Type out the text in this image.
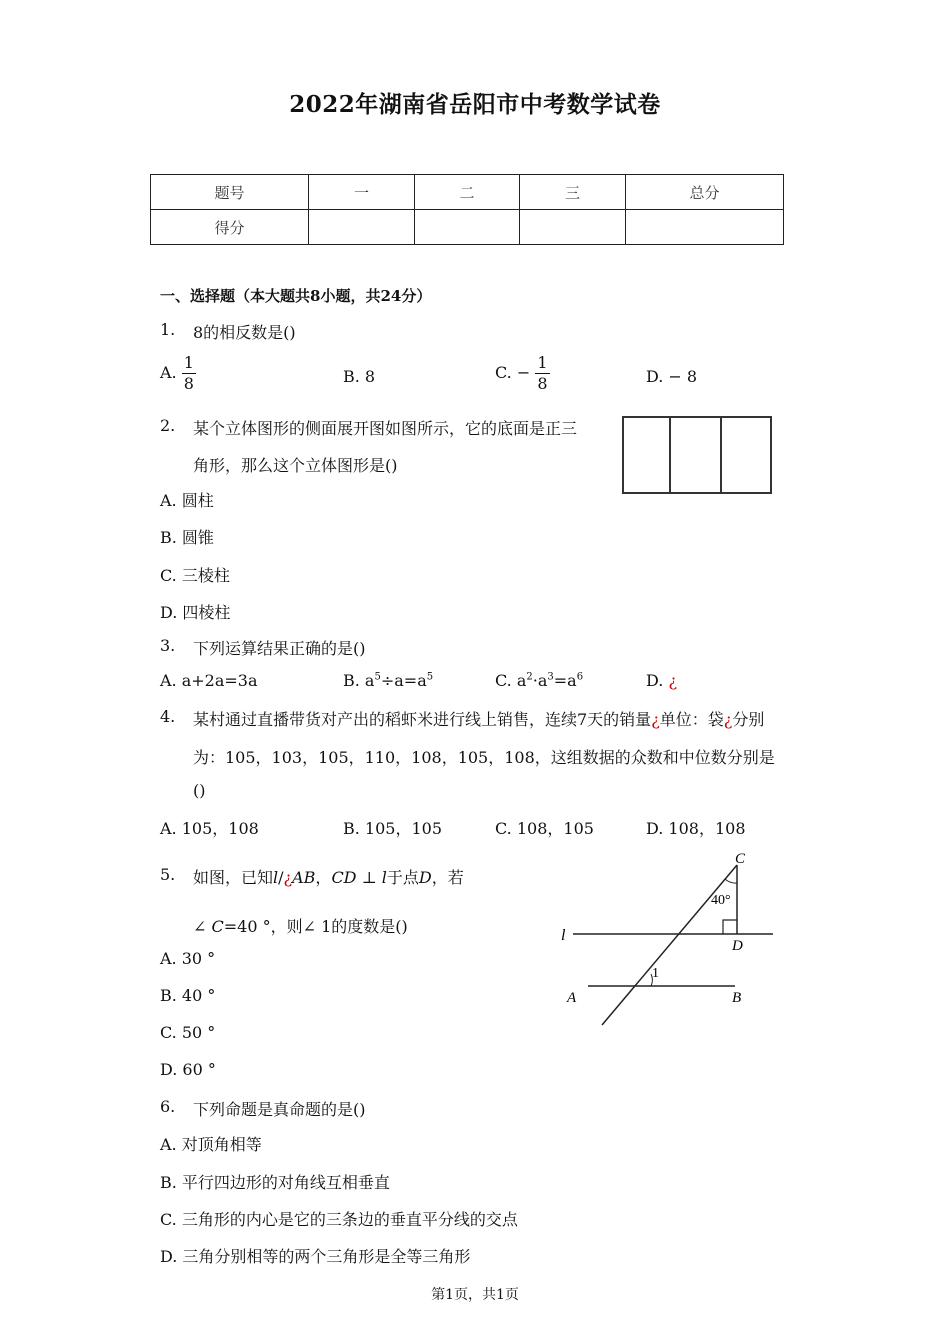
2022年湖南省岳阳市中考数学试卷
题号	一	二	三	总分
得分				
一、选择题（本大题共8小题，共24分）
1. 8的相反数是()
A. $\frac{1}{8}$	B. 8	C. − $\frac{1}{8}$	D. − 8
2. 某个立体图形的侧面展开图如图所示，它的底面是正三
角形，那么这个立体图形是()
A. 圆柱
B. 圆锥
C. 三棱柱
D. 四棱柱
3. 下列运算结果正确的是()
A. a+2a=3a	B. $a^5\div a=a^5$	C. $a^2\cdot a^3=a^6$	D. ¿
4. 某村通过直播带货对产出的稻虾米进行线上销售，连续7天的销量¿单位：袋¿分别
为：105，103，105，110，108，105，108，这组数据的众数和中位数分别是
()
A. 105，108	B. 105，105	C. 108，105	D. 108，108
5. 如图，已知l/¿AB，CD ⊥ l于点D，若
∠ C=40 °，则∠ 1的度数是()
A. 30 °
B. 40 °
C. 50 °
D. 60 °
C
40°
l
D
1
A	B
6. 下列命题是真命题的是()
A. 对顶角相等
B. 平行四边形的对角线互相垂直
C. 三角形的内心是它的三条边的垂直平分线的交点
D. 三角分别相等的两个三角形是全等三角形
第1页，共1页
